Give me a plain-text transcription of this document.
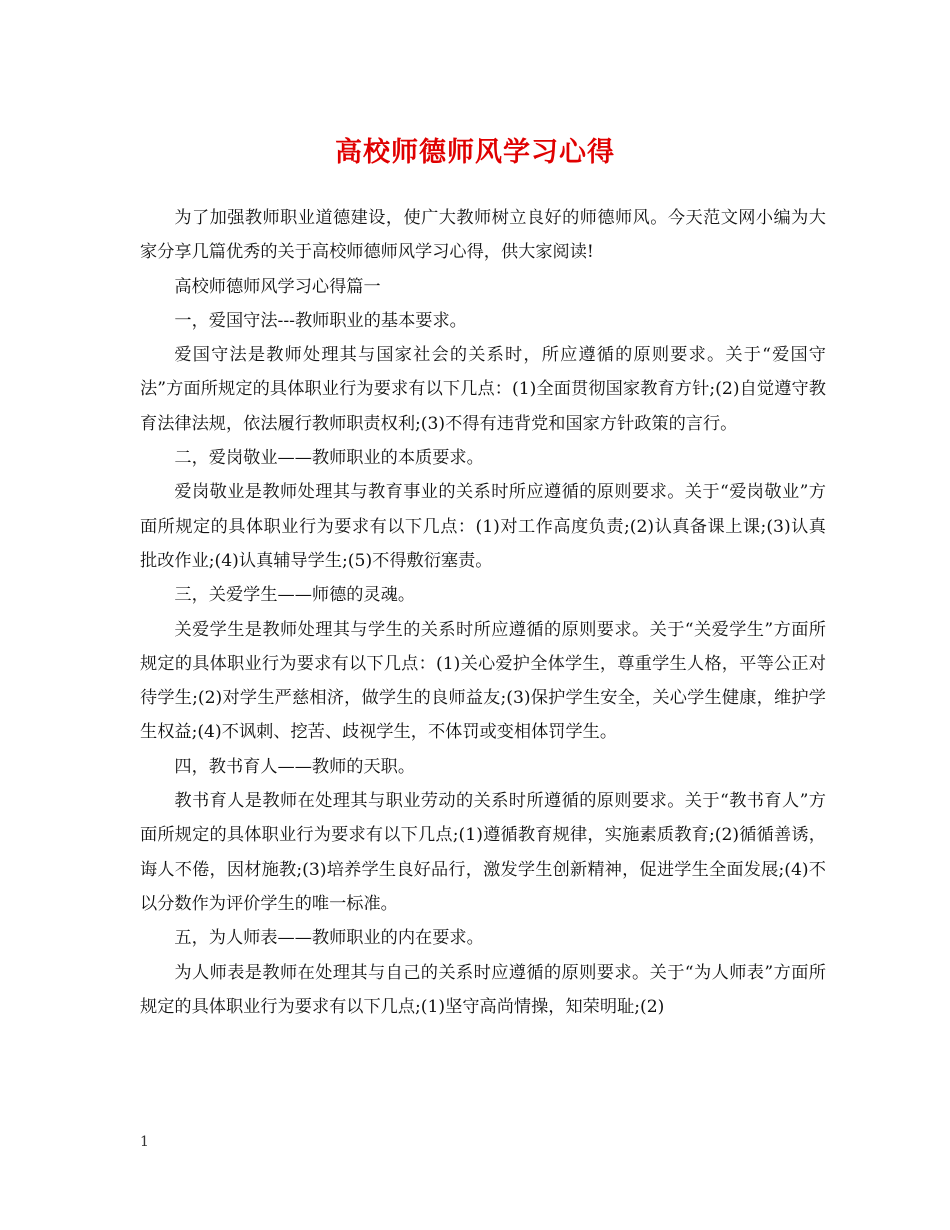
高校师德师风学习心得

为了加强教师职业道德建设，使广大教师树立良好的师德师风。今天范文网小编为大家分享几篇优秀的关于高校师德师风学习心得，供大家阅读!

高校师德师风学习心得篇一

一，爱国守法---教师职业的基本要求。

爱国守法是教师处理其与国家社会的关系时，所应遵循的原则要求。关于“爱国守法”方面所规定的具体职业行为要求有以下几点：(1)全面贯彻国家教育方针;(2)自觉遵守教育法律法规，依法履行教师职责权利;(3)不得有违背党和国家方针政策的言行。

二，爱岗敬业——教师职业的本质要求。

爱岗敬业是教师处理其与教育事业的关系时所应遵循的原则要求。关于“爱岗敬业”方面所规定的具体职业行为要求有以下几点：(1)对工作高度负责;(2)认真备课上课;(3)认真批改作业;(4)认真辅导学生;(5)不得敷衍塞责。

三，关爱学生——师德的灵魂。

关爱学生是教师处理其与学生的关系时所应遵循的原则要求。关于“关爱学生”方面所规定的具体职业行为要求有以下几点：(1)关心爱护全体学生，尊重学生人格，平等公正对待学生;(2)对学生严慈相济，做学生的良师益友;(3)保护学生安全，关心学生健康，维护学生权益;(4)不讽刺、挖苦、歧视学生，不体罚或变相体罚学生。

四，教书育人——教师的天职。

教书育人是教师在处理其与职业劳动的关系时所遵循的原则要求。关于“教书育人”方面所规定的具体职业行为要求有以下几点;(1)遵循教育规律，实施素质教育;(2)循循善诱，诲人不倦，因材施教;(3)培养学生良好品行，激发学生创新精神，促进学生全面发展;(4)不以分数作为评价学生的唯一标准。

五，为人师表——教师职业的内在要求。

为人师表是教师在处理其与自己的关系时应遵循的原则要求。关于“为人师表”方面所规定的具体职业行为要求有以下几点;(1)坚守高尚情操，知荣明耻;(2)

1
